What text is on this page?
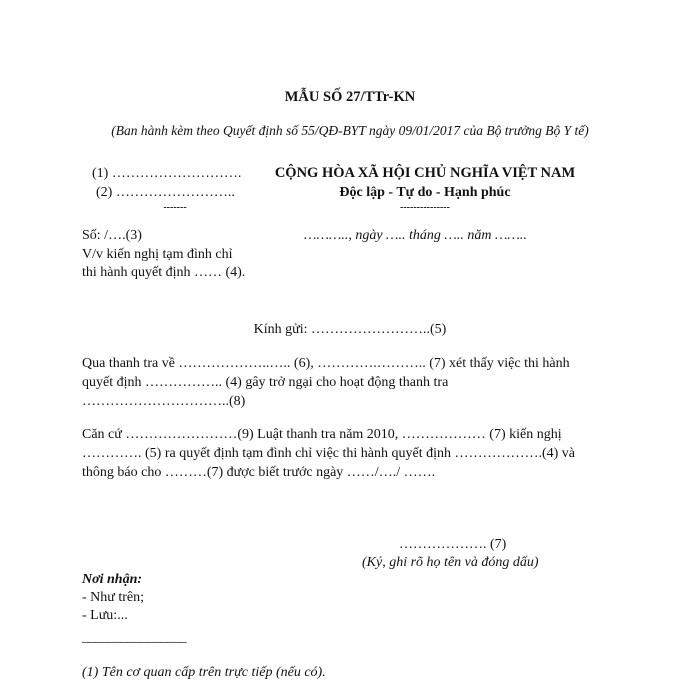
MẪU SỐ 27/TTr-KN
(Ban hành kèm theo Quyết định số 55/QĐ-BYT ngày 09/01/2017 của Bộ trưởng Bộ Y tế)
(1) ……………………….
(2) ……………………..
-------
CỘNG HÒA XÃ HỘI CHỦ NGHĨA VIỆT NAM
Độc lập - Tự do - Hạnh phúc
---------------
Số: /….(3)	……….., ngày ….. tháng ….. năm ……..
V/v kiến nghị tạm đình chỉ
thi hành quyết định …… (4).
Kính gửi: ……………………..(5)
Qua thanh tra về ………………..….. (6), ………….……….. (7) xét thấy việc thi hành
quyết định …………….. (4) gây trở ngại cho hoạt động thanh tra
…………………………..(8)
Căn cứ ……………………(9) Luật thanh tra năm 2010, ……………… (7) kiến nghị
…………. (5) ra quyết định tạm đình chỉ việc thi hành quyết định ……………….(4) và
thông báo cho ………(7) được biết trước ngày ……/…./ …….
………………. (7)
(Ký, ghi rõ họ tên và đóng dấu)
Nơi nhận:
- Như trên;
- Lưu:...
________________
(1) Tên cơ quan cấp trên trực tiếp (nếu có).
